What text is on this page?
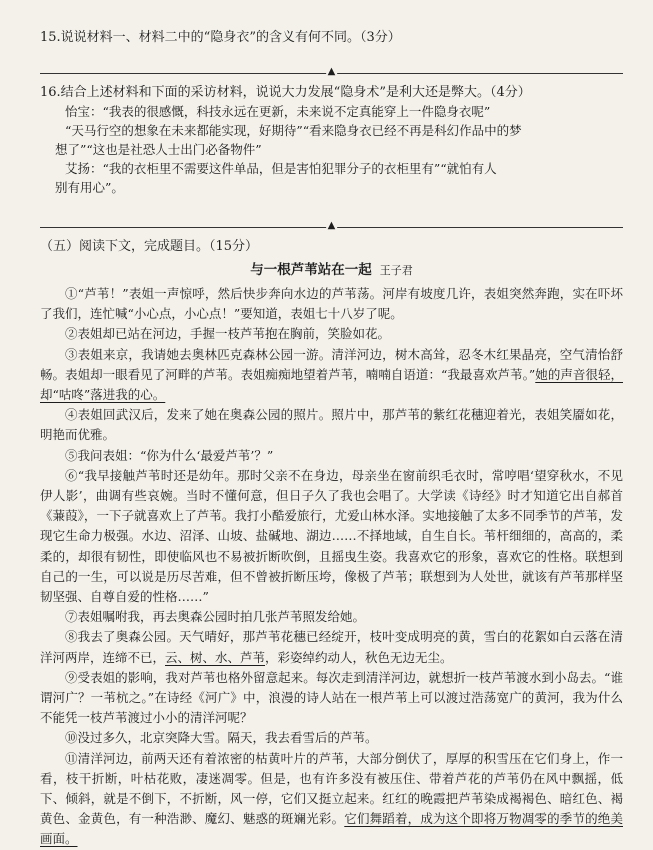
15.说说材料一、材料二中的“隐身衣”的含义有何不同。（3分）

▲

16.结合上述材料和下面的采访材料，说说大力发展“隐身术”是利大还是弊大。（4分）

怡宝：“我表的很感慨，科技永远在更新，未来说不定真能穿上一件隐身衣呢”

“天马行空的想象在未来都能实现，好期待”“看来隐身衣已经不再是科幻作品中的梦

想了”“这也是社恐人士出门必备物件”

艾扬：“我的衣柜里不需要这件单品，但是害怕犯罪分子的衣柜里有”“就怕有人

别有用心”。

▲
（五）阅读下文，完成题目。（15分）
与一根芦苇站在一起 王子君

①“芦苇！”表姐一声惊呼，然后快步奔向水边的芦苇荡。河岸有坡度几许，表姐突然奔跑，实在吓坏了我们，连忙喊“小心点，小心点！”要知道，表姐七十八岁了呢。

②表姐却已站在河边，手握一枝芦苇抱在胸前，笑脸如花。

③表姐来京，我请她去奥林匹克森林公园一游。清洋河边，树木高耸，忍冬木红果晶亮，空气清怡舒畅。表姐却一眼看见了河畔的芦苇。表姐痴痴地望着芦苇，喃喃自语道：“我最喜欢芦苇。”她的声音很轻，却“咕咚”落进我的心。

④表姐回武汉后，发来了她在奥森公园的照片。照片中，那芦苇的紫红花穗迎着光，表姐笑靥如花，明艳而优雅。

⑤我问表姐：“你为什么‘最爱芦苇’？”

⑥“我早接触芦苇时还是幼年。那时父亲不在身边，母亲坐在窗前织毛衣时，常哼唱‘望穿秋水，不见伊人影’，曲调有些哀婉。当时不懂何意，但日子久了我也会唱了。大学读《诗经》时才知道它出自郝首《蒹葭》，一下子就喜欢上了芦苇。我打小酷爱旅行，尤爱山林水泽。实地接触了太多不同季节的芦苇，发现它生命力极强。水边、沼泽、山坡、盐碱地、湖边……不择地域，自生自长。苇杆细细的，高高的，柔柔的，却很有韧性，即使临风也不易被折断吹倒，且摇曳生姿。我喜欢它的形象，喜欢它的性格。联想到自己的一生，可以说是历尽苦难，但不曾被折断压垮，像极了芦苇；联想到为人处世，就该有芦苇那样坚韧坚强、自尊自爱的性格……”

⑦表姐嘱咐我，再去奥森公园时拍几张芦苇照发给她。

⑧我去了奥森公园。天气晴好，那芦苇花穗已经绽开，枝叶变成明亮的黄，雪白的花絮如白云落在清洋河两岸，连缔不已，云、树、水、芦苇，彩姿绰约动人，秋色无边无尘。

⑨受表姐的影响，我对芦苇也格外留意起来。每次走到清洋河边，就想折一枝芦苇渡水到小岛去。“谁谓河广？一苇杭之。”在诗经《河广》中，浪漫的诗人站在一根芦苇上可以渡过浩荡宽广的黄河，我为什么不能凭一枝芦苇渡过小小的清洋河呢？

⑩没过多久，北京突降大雪。隔天，我去看雪后的芦苇。

⑪清洋河边，前两天还有着浓密的枯黄叶片的芦苇，大部分倒伏了，厚厚的积雪压在它们身上，作一看，枝干折断，叶枯花败，凄迷凋零。但是，也有许多没有被压住、带着芦花的芦苇仍在风中飘摇，低下、倾斜，就是不倒下，不折断，风一停，它们又挺立起来。红红的晚霞把芦苇染成褐褐色、暗红色、褐黄色、金黄色，有一种浩渺、魔幻、魅惑的斑斓光彩。它们舞蹈着，成为这个即将万物凋零的季节的绝美画面。
